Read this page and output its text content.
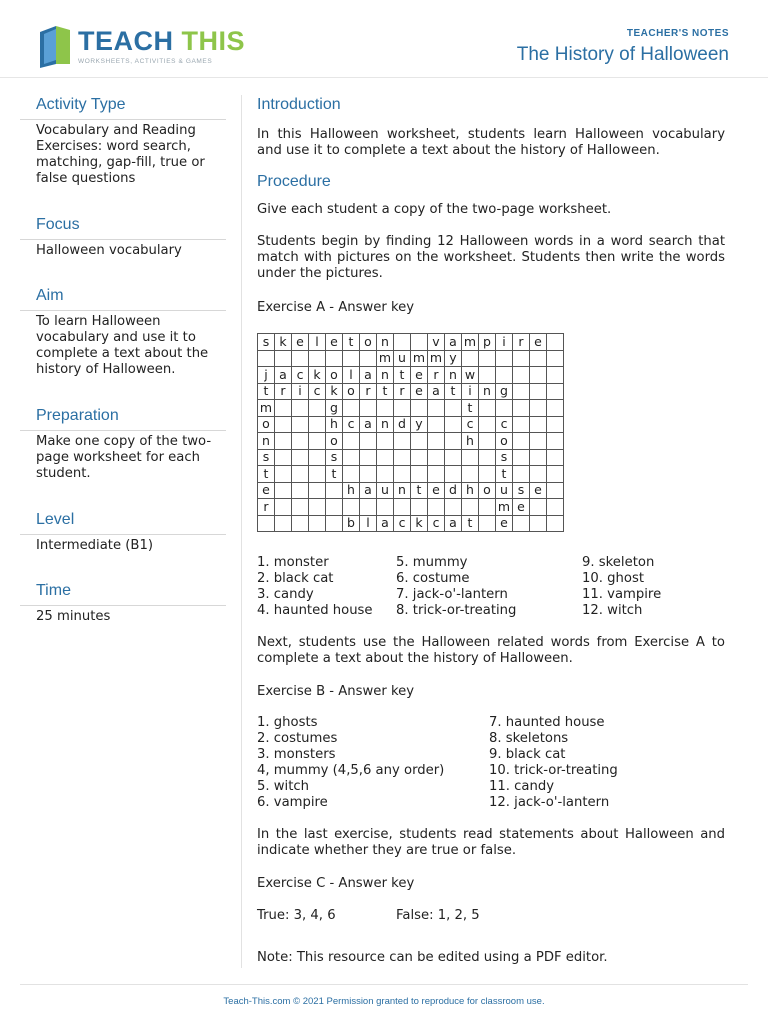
TEACH THIS
WORKSHEETS, ACTIVITIES & GAMES
TEACHER'S NOTES
The History of Halloween
Activity Type
Vocabulary and Reading Exercises: word search, matching, gap-fill, true or false questions
Focus
Halloween vocabulary
Aim
To learn Halloween vocabulary and use it to complete a text about the history of Halloween.
Preparation
Make one copy of the two-page worksheet for each student.
Level
Intermediate (B1)
Time
25 minutes
Introduction
In this Halloween worksheet, students learn Halloween vocabulary and use it to complete a text about the history of Halloween.
Procedure
Give each student a copy of the two-page worksheet.
Students begin by finding 12 Halloween words in a word search that match with pictures on the worksheet. Students then write the words under the pictures.
Exercise A - Answer key
s	k	e	l	e	t	o	n			v	a	m	p	i	r	e	
							m	u	m	m	y						
j	a	c	k	o	l	a	n	t	e	r	n	w					
t	r	i	c	k	o	r	t	r	e	a	t	i	n	g			
m				g								t					
o				h	c	a	n	d	y			c		c			
n				o								h		o			
s				s										s			
t				t										t			
e					h	a	u	n	t	e	d	h	o	u	s	e	
r														m	e		
					b	l	a	c	k	c	a	t		e			
1. monster
2. black cat
3. candy
4. haunted house
5. mummy
6. costume
7. jack-o'-lantern
8. trick-or-treating
9. skeleton
10. ghost
11. vampire
12. witch
Next, students use the Halloween related words from Exercise A to complete a text about the history of Halloween.
Exercise B - Answer key
1. ghosts
2. costumes
3. monsters
4, mummy (4,5,6 any order)
5. witch
6. vampire
7. haunted house
8. skeletons
9. black cat
10. trick-or-treating
11. candy
12. jack-o'-lantern
In the last exercise, students read statements about Halloween and indicate whether they are true or false.
Exercise C - Answer key
True: 3, 4, 6	False: 1, 2, 5
Note: This resource can be edited using a PDF editor.
Teach-This.com © 2021 Permission granted to reproduce for classroom use.
